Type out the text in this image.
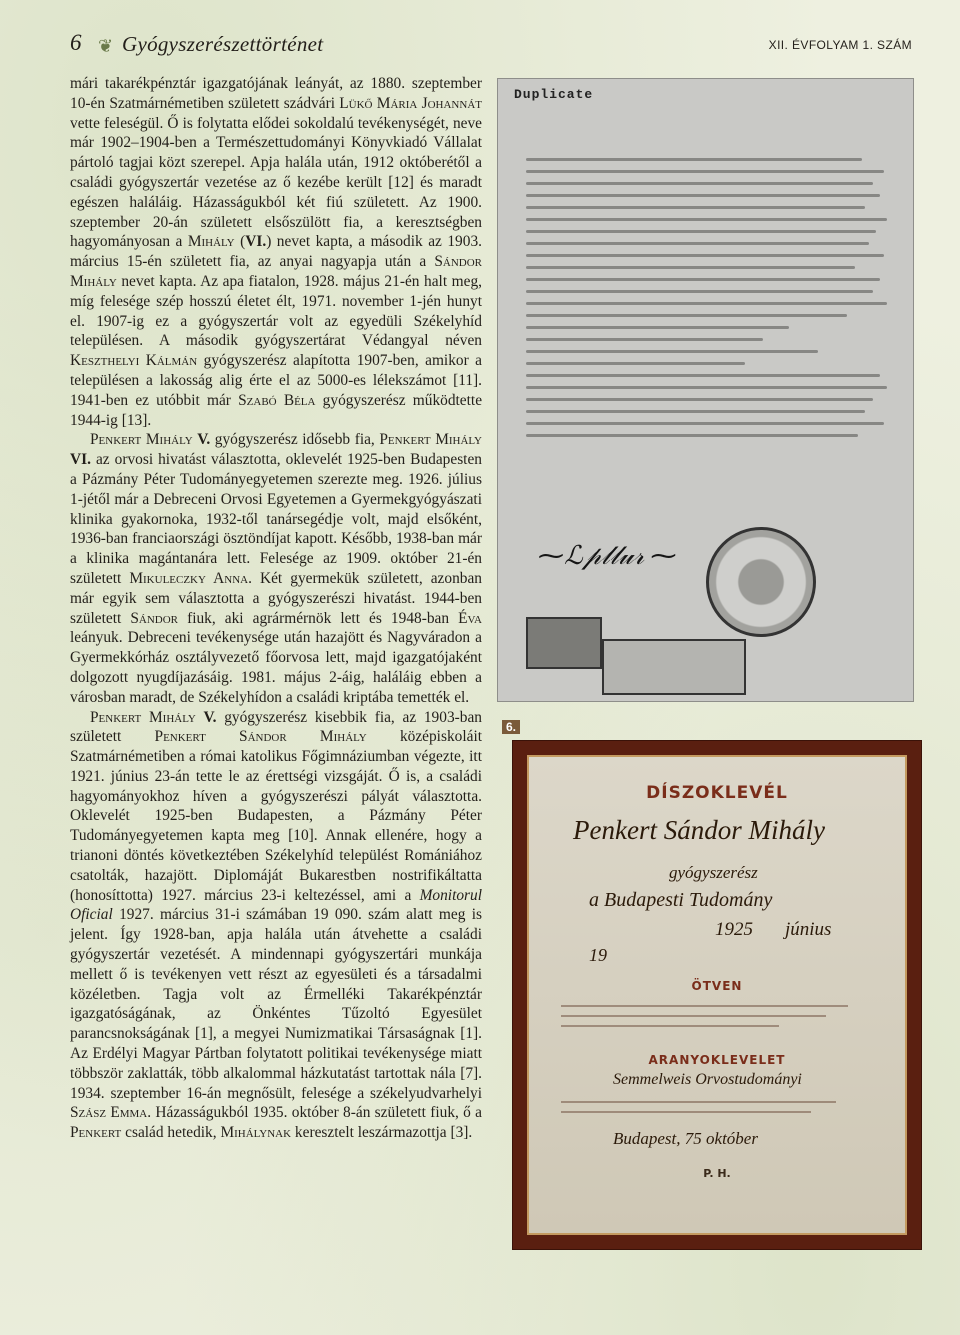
6 ❦ Gyógyszerészettörténet	XII. ÉVFOLYAM 1. SZÁM

mári takarékpénztár igazgatójának leányát, az 1880. szeptember 10-én Szatmárnémetiben született szádvári Lükő Mária Johannát vette feleségül. Ő is folytatta elődei sokoldalú tevékenységét, neve már 1902–1904-ben a Természettudományi Könyvkiadó Vállalat pártoló tagjai közt szerepel. Apja halála után, 1912 októberétől a családi gyógyszertár vezetése az ő kezébe került [12] és maradt egészen haláláig. Házasságukból két fiú született. Az 1900. szeptember 20-án született elsőszülött fia, a keresztségben hagyományosan a Mihály (VI.) nevet kapta, a második az 1903. március 15-én született fia, az anyai nagyapja után a Sándor Mihály nevet kapta. Az apa fiatalon, 1928. május 21-én halt meg, míg felesége szép hosszú életet élt, 1971. november 1-jén hunyt el. 1907-ig ez a gyógyszertár volt az egyedüli Székelyhíd településen. A második gyógyszertárat Védangyal néven Keszthelyi Kálmán gyógyszerész alapította 1907-ben, amikor a településen a lakosság alig érte el az 5000-es lélekszámot [11]. 1941-ben ez utóbbit már Szabó Béla gyógyszerész működtette 1944-ig [13].

Penkert Mihály V. gyógyszerész idősebb fia, Penkert Mihály VI. az orvosi hivatást választotta, oklevelét 1925-ben Budapesten a Pázmány Péter Tudományegyetemen szerezte meg. 1926. július 1-jétől már a Debreceni Orvosi Egyetemen a Gyermekgyógyászati klinika gyakornoka, 1932-től tanársegédje volt, majd elsőként, 1936-ban franciaországi ösztöndíjat kapott. Később, 1938-ban már a klinika magántanára lett. Felesége az 1909. október 21-én született Mikuleczky Anna. Két gyermekük született, azonban már egyik sem választotta a gyógyszerészi hivatást. 1944-ben született Sándor fiuk, aki agrármérnök lett és 1948-ban Éva leányuk. Debreceni tevékenysége után hazajött és Nagyváradon a Gyermekkórház osztályvezető főorvosa lett, majd igazgatójaként dolgozott nyugdíjazásáig. 1981. május 2-áig, haláláig ebben a városban maradt, de Székelyhídon a családi kriptába temették el.

Penkert Mihály V. gyógyszerész kisebbik fia, az 1903-ban született Penkert Sándor Mihály középiskoláit Szatmárnémetiben a római katolikus Főgimnáziumban végezte, itt 1921. június 23-án tette le az érettségi vizsgáját. Ő is, a családi hagyományokhoz híven a gyógyszerészi pályát választotta. Oklevelét 1925-ben Budapesten, a Pázmány Péter Tudományegyetemen kapta meg [10]. Annak ellenére, hogy a trianoni döntés következtében Székelyhíd települést Romániához csatolták, hazajött. Diplomáját Bukarestben nostrifikáltatta (honosíttotta) 1927. március 23-i keltezéssel, ami a Monitorul Oficial 1927. március 31-i számában 19 090. szám alatt meg is jelent. Így 1928-ban, apja halála után átvehette a családi gyógyszertár vezetését. A mindennapi gyógyszertári munkája mellett ő is tevékenyen vett részt az egyesületi és a társadalmi közéletben. Tagja volt az Érmelléki Takarékpénztár igazgatóságának, az Önkéntes Tűzoltó Egyesület parancsnokságának [1], a megyei Numizmatikai Társaságnak [1]. Az Erdélyi Magyar Pártban folytatott politikai tevékenysége miatt többször zaklatták, több alkalommal házkutatást tartottak nála [7]. 1934. szeptember 16-án megnősült, felesége a székelyudvarhelyi Szász Emma. Házasságukból 1935. október 8-án született fiuk, ő a Penkert család hetedik, Mihálynak keresztelt leszármazottja [3].

Duplicate
⁓ℒ𝓅𝓁𝓁𝓊𝓇 ⁓
6.
DÍSZOKLEVÉL
Penkert Sándor Mihály
gyógyszerész
a Budapesti Tudomány
1925 június
19
ÖTVEN
ARANYOKLEVELET
Semmelweis Orvostudományi
Budapest, 75 október
P. H.
